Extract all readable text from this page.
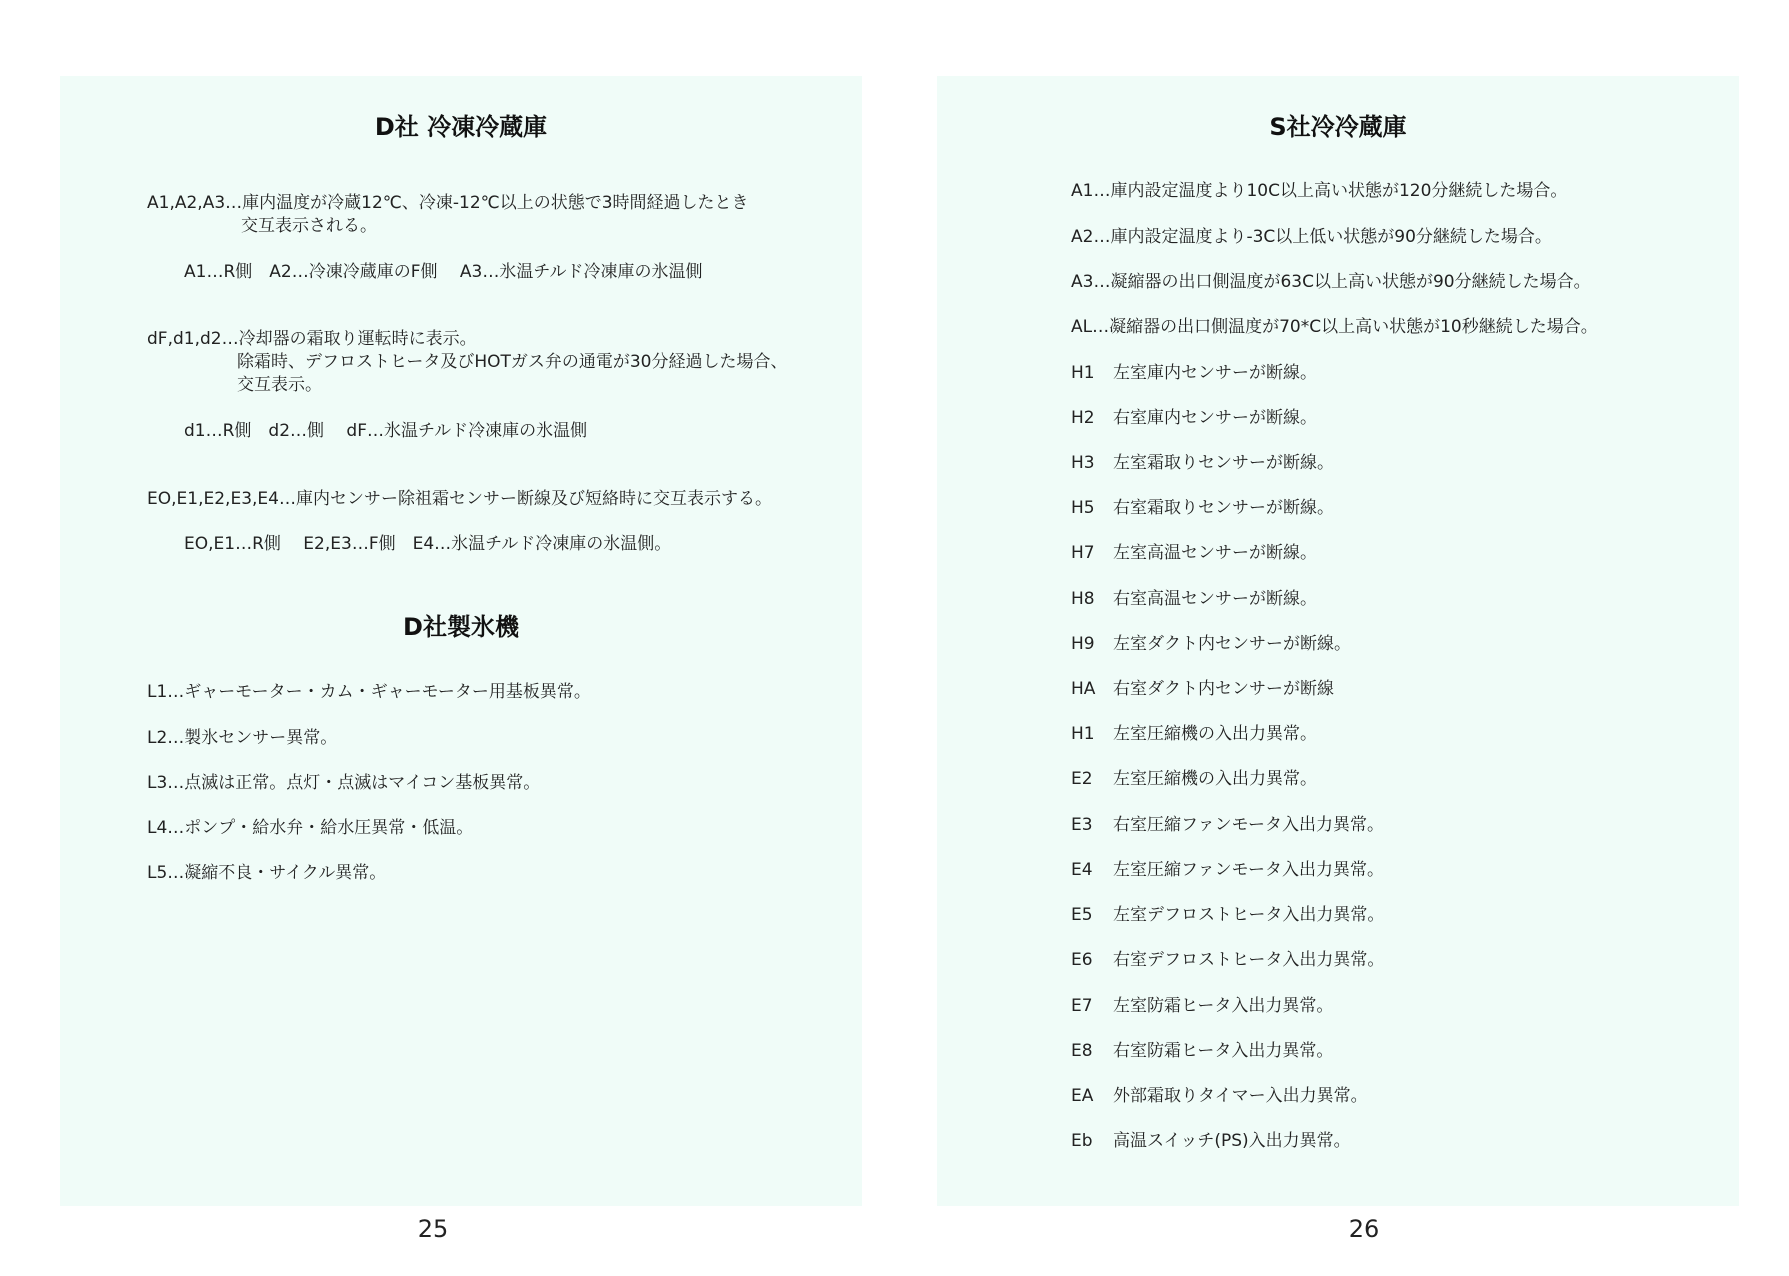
D社 冷凍冷蔵庫

A1,A2,A3…庫内温度が冷蔵12℃、冷凍-12℃以上の状態で3時間経過したとき

交互表示される。

A1…R側　A2…冷凍冷蔵庫のF側　 A3…氷温チルド冷凍庫の氷温側

dF,d1,d2…冷却器の霜取り運転時に表示。

除霜時、デフロストヒータ及びHOTガス弁の通電が30分経過した場合、

交互表示。

d1…R側　d2…側　 dF…氷温チルド冷凍庫の氷温側

EO,E1,E2,E3,E4…庫内センサー除祖霜センサー断線及び短絡時に交互表示する。

EO,E1…R側　 E2,E3…F側　E4…氷温チルド冷凍庫の氷温側。

D社製氷機

L1…ギャーモーター・カム・ギャーモーター用基板異常。

L2…製氷センサー異常。

L3…点滅は正常。点灯・点滅はマイコン基板異常。

L4…ポンプ・給水弁・給水圧異常・低温。

L5…凝縮不良・サイクル異常。

S社冷冷蔵庫

A1…庫内設定温度より10C以上高い状態が120分継続した場合。

A2…庫内設定温度より-3C以上低い状態が90分継続した場合。

A3…凝縮器の出口側温度が63C以上高い状態が90分継続した場合。

AL…凝縮器の出口側温度が70*C以上高い状態が10秒継続した場合。

H1 左室庫内センサーが断線。

H2 右室庫内センサーが断線。

H3 左室霜取りセンサーが断線。

H5 右室霜取りセンサーが断線。

H7 左室高温センサーが断線。

H8 右室高温センサーが断線。

H9 左室ダクト内センサーが断線。

HA 右室ダクト内センサーが断線

H1 左室圧縮機の入出力異常。

E2 左室圧縮機の入出力異常。

E3 右室圧縮ファンモータ入出力異常。

E4 左室圧縮ファンモータ入出力異常。

E5 左室デフロストヒータ入出力異常。

E6 右室デフロストヒータ入出力異常。

E7 左室防霜ヒータ入出力異常。

E8 右室防霜ヒータ入出力異常。

EA 外部霜取りタイマー入出力異常。

Eb 高温スイッチ(PS)入出力異常。

25	26
